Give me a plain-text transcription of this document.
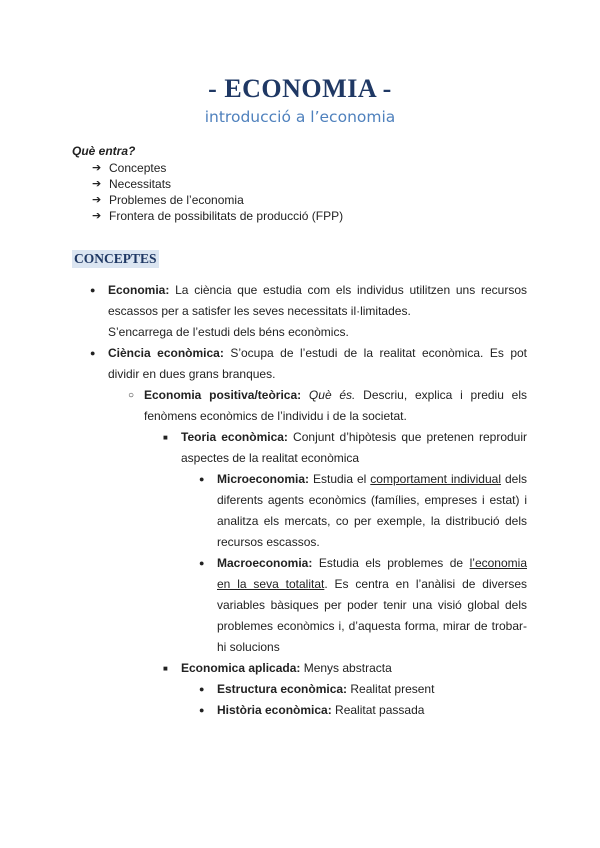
- ECONOMIA -
introducció a l’economia
Què entra?
➔ Conceptes
➔ Necessitats
➔ Problemes de l’economia
➔ Frontera de possibilitats de producció (FPP)
CONCEPTES
● Economia: La ciència que estudia com els individus utilitzen uns recursos escassos per a satisfer les seves necessitats il·limitades.

S’encarrega de l’estudi dels béns econòmics.

● Ciència econòmica: S’ocupa de l’estudi de la realitat econòmica. Es pot dividir en dues grans branques.

○ Economia positiva/teòrica: Què és. Descriu, explica i prediu els fenòmens econòmics de l’individu i de la societat.

■ Teoria econòmica: Conjunt d’hipòtesis que pretenen reproduir aspectes de la realitat econòmica

● Microeconomia: Estudia el comportament individual dels diferents agents econòmics (famílies, empreses i estat) i analitza els mercats, co per exemple, la distribució dels recursos escassos.

● Macroeconomia: Estudia els problemes de l’economia en la seva totalitat. Es centra en l’anàlisi de diverses variables bàsiques per poder tenir una visió global dels problemes econòmics i, d’aquesta forma, mirar de trobar-hi solucions

■ Economica aplicada: Menys abstracta

● Estructura econòmica: Realitat present

● Història econòmica: Realitat passada
